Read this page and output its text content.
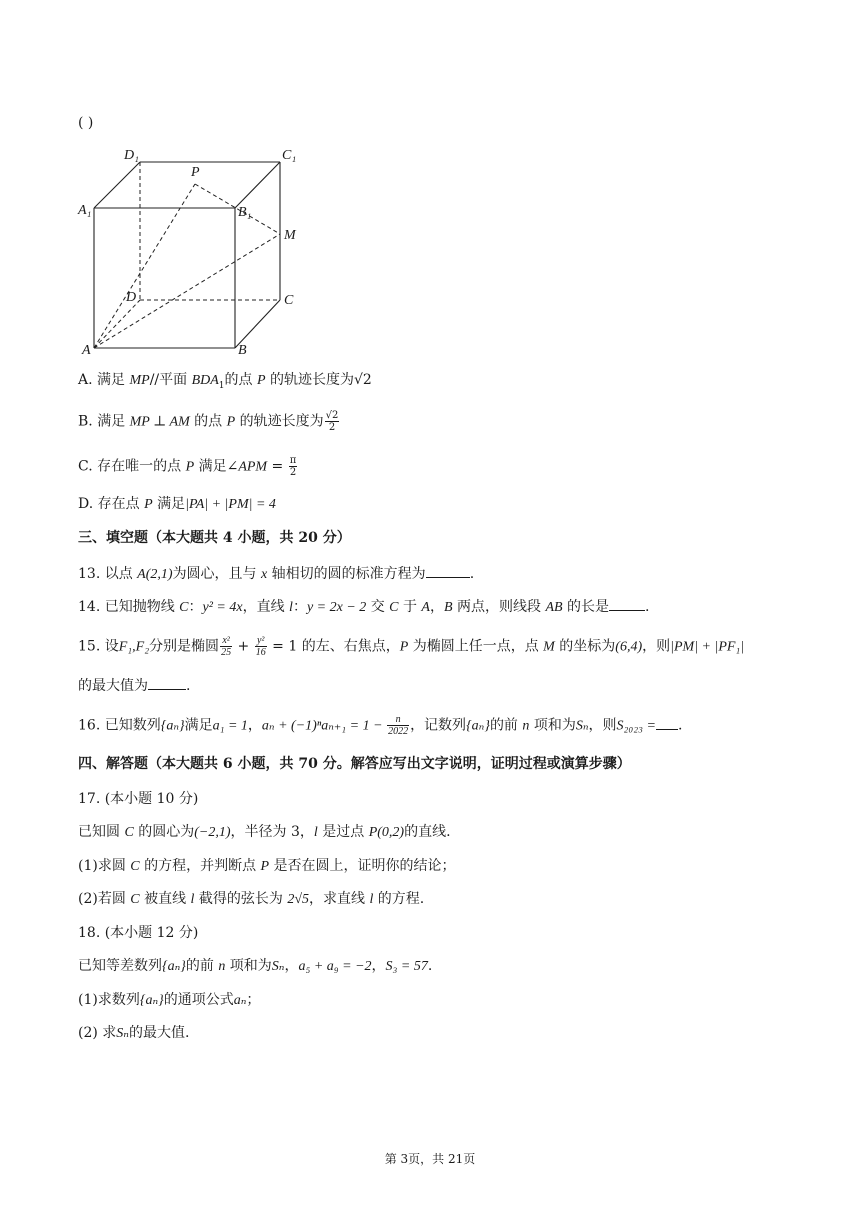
( )
D₁	C₁
A₁	B₁
P
M
D	C
A	B
A. 满足 MP//平面 $BDA_1$的点 P 的轨迹长度为√2
B. 满足 MP ⊥ AM 的点 P 的轨迹长度为 $\frac{√2}{2}$
C. 存在唯一的点 P 满足∠APM = $\frac{\pi}{2}$
D. 存在点 P 满足|PA| + |PM| = 4
三、填空题（本大题共 4 小题，共 20 分）
13. 以点 A(2,1)为圆心，且与 x 轴相切的圆的标准方程为	.
14. 已知抛物线 C：y² = 4x，直线 l：y = 2x − 2 交 C 于 A，B 两点，则线段 AB 的长是	.
15. 设F₁,F₂分别是椭圆 $\frac{\text{x²}}{25} + \frac{\text{y²}}{16} = 1$ 的左、右焦点，P 为椭圆上任一点，点 M 的坐标为(6,4)，则|PM| + |PF₁|
的最大值为	.
16. 已知数列{aₙ}满足a₁ = 1，$a_n + (-1)^na_{n+1} = 1 - \frac{n}{2022}$ ，记数列{aₙ}的前 n 项和为Sₙ，则S₂₀₂₃ = .
四、解答题（本大题共 6 小题，共 70 分。解答应写出文字说明，证明过程或演算步骤）
17. (本小题 10 分)
已知圆 C 的圆心为(−2,1)，半径为 3，l 是过点 P(0,2)的直线.
(1)求圆 C 的方程，并判断点 P 是否在圆上，证明你的结论；
(2)若圆 C 被直线 l 截得的弦长为 2√5，求直线 l 的方程.
18. (本小题 12 分)
已知等差数列{aₙ}的前 n 项和为Sₙ，a₅ + a₉ = −2，S₃ = 57.
(1)求数列{aₙ}的通项公式aₙ；
(2) 求Sₙ的最大值.
第 3页，共 21页
